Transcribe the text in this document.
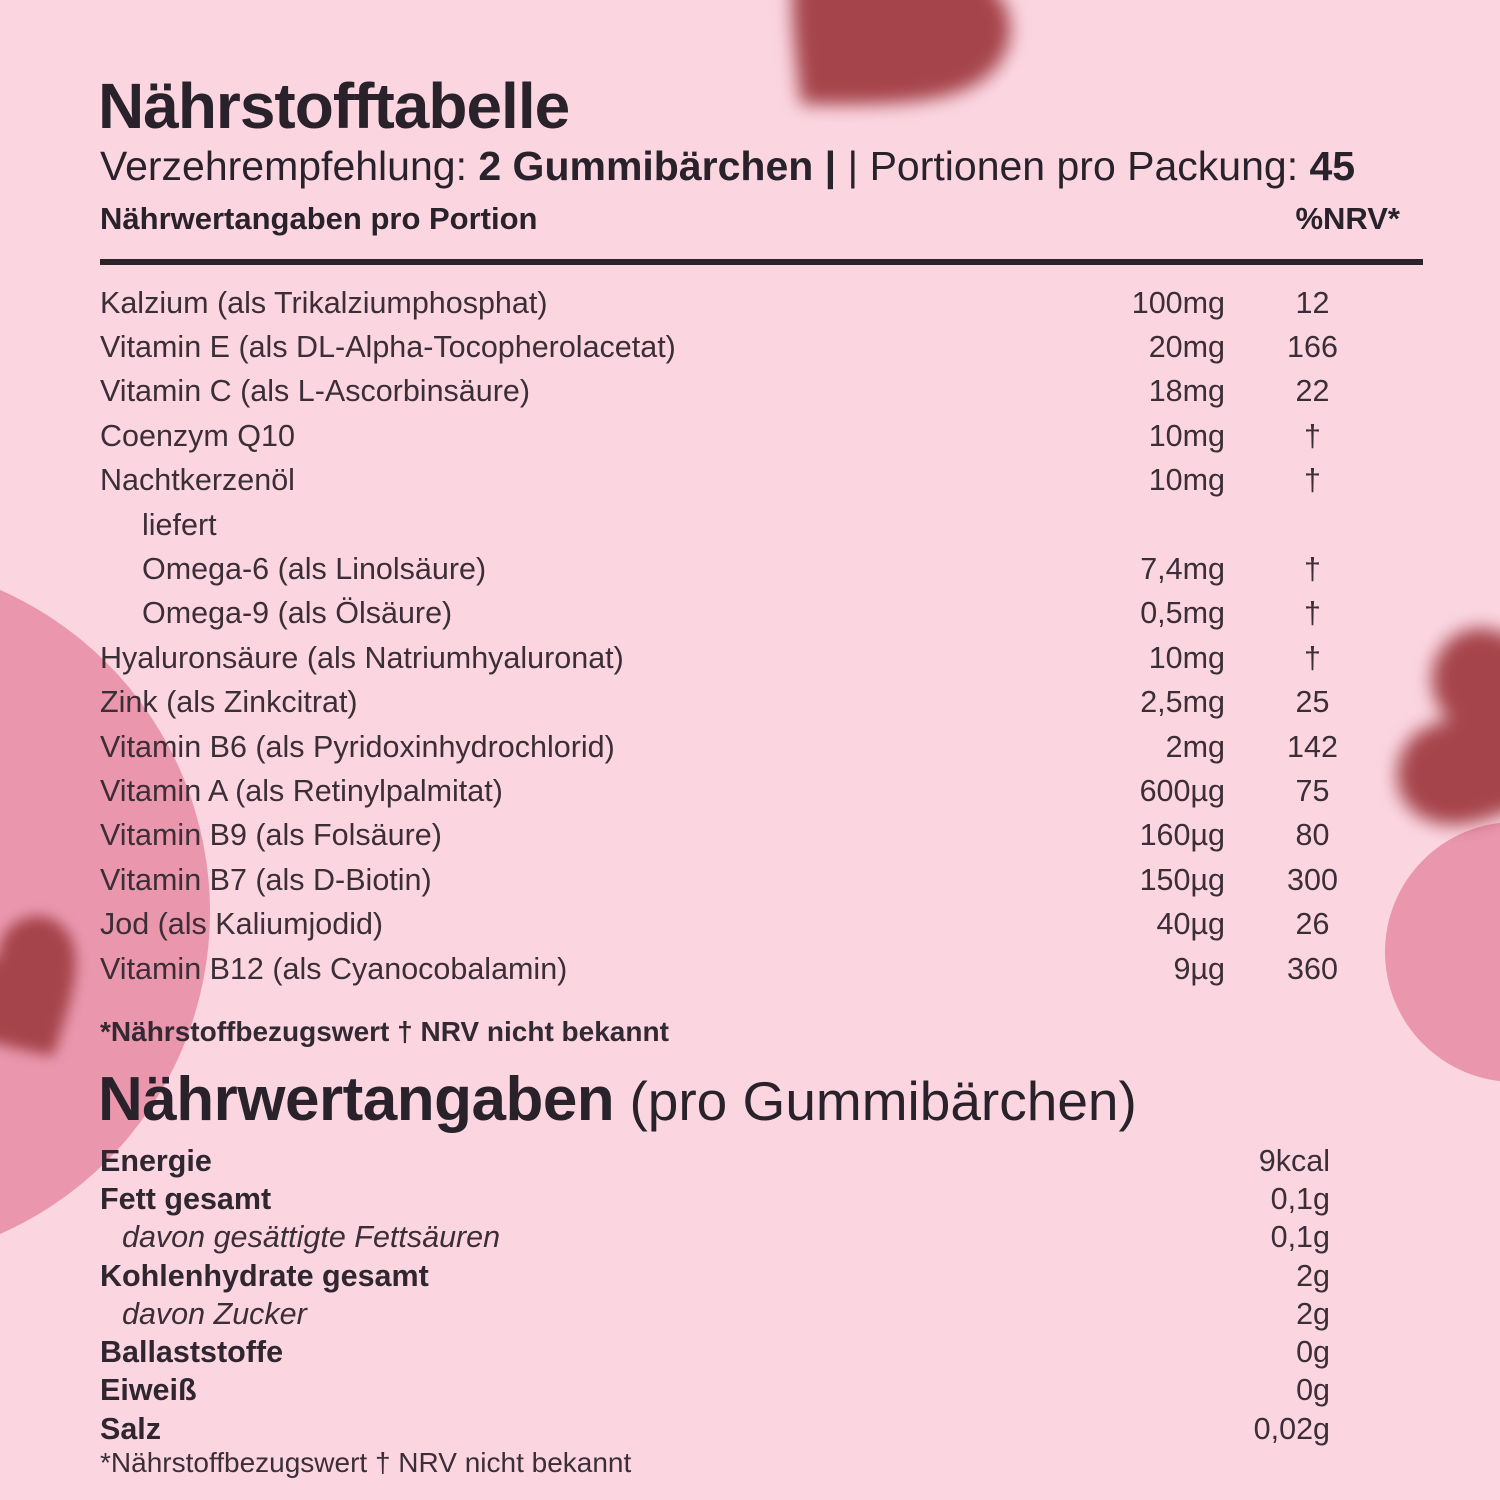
Nährstofftabelle
Verzehrempfehlung: 2 Gummibärchen | | Portionen pro Packung: 45
Nährwertangaben pro Portion	%NRV*
Kalzium (als Trikalziumphosphat)	100mg	12
Vitamin E (als DL-Alpha-Tocopherolacetat)	20mg	166
Vitamin C (als L-Ascorbinsäure)	18mg	22
Coenzym Q10	10mg	†
Nachtkerzenöl	10mg	†
liefert
Omega-6 (als Linolsäure)	7,4mg	†
Omega-9 (als Ölsäure)	0,5mg	†
Hyaluronsäure (als Natriumhyaluronat)	10mg	†
Zink (als Zinkcitrat)	2,5mg	25
Vitamin B6 (als Pyridoxinhydrochlorid)	2mg	142
Vitamin A (als Retinylpalmitat)	600µg	75
Vitamin B9 (als Folsäure)	160µg	80
Vitamin B7 (als D-Biotin)	150µg	300
Jod (als Kaliumjodid)	40µg	26
Vitamin B12 (als Cyanocobalamin)	9µg	360
*Nährstoffbezugswert † NRV nicht bekannt
Nährwertangaben (pro Gummibärchen)
Energie	9kcal
Fett gesamt	0,1g
davon gesättigte Fettsäuren	0,1g
Kohlenhydrate gesamt	2g
davon Zucker	2g
Ballaststoffe	0g
Eiweiß	0g
Salz	0,02g
*Nährstoffbezugswert † NRV nicht bekannt
